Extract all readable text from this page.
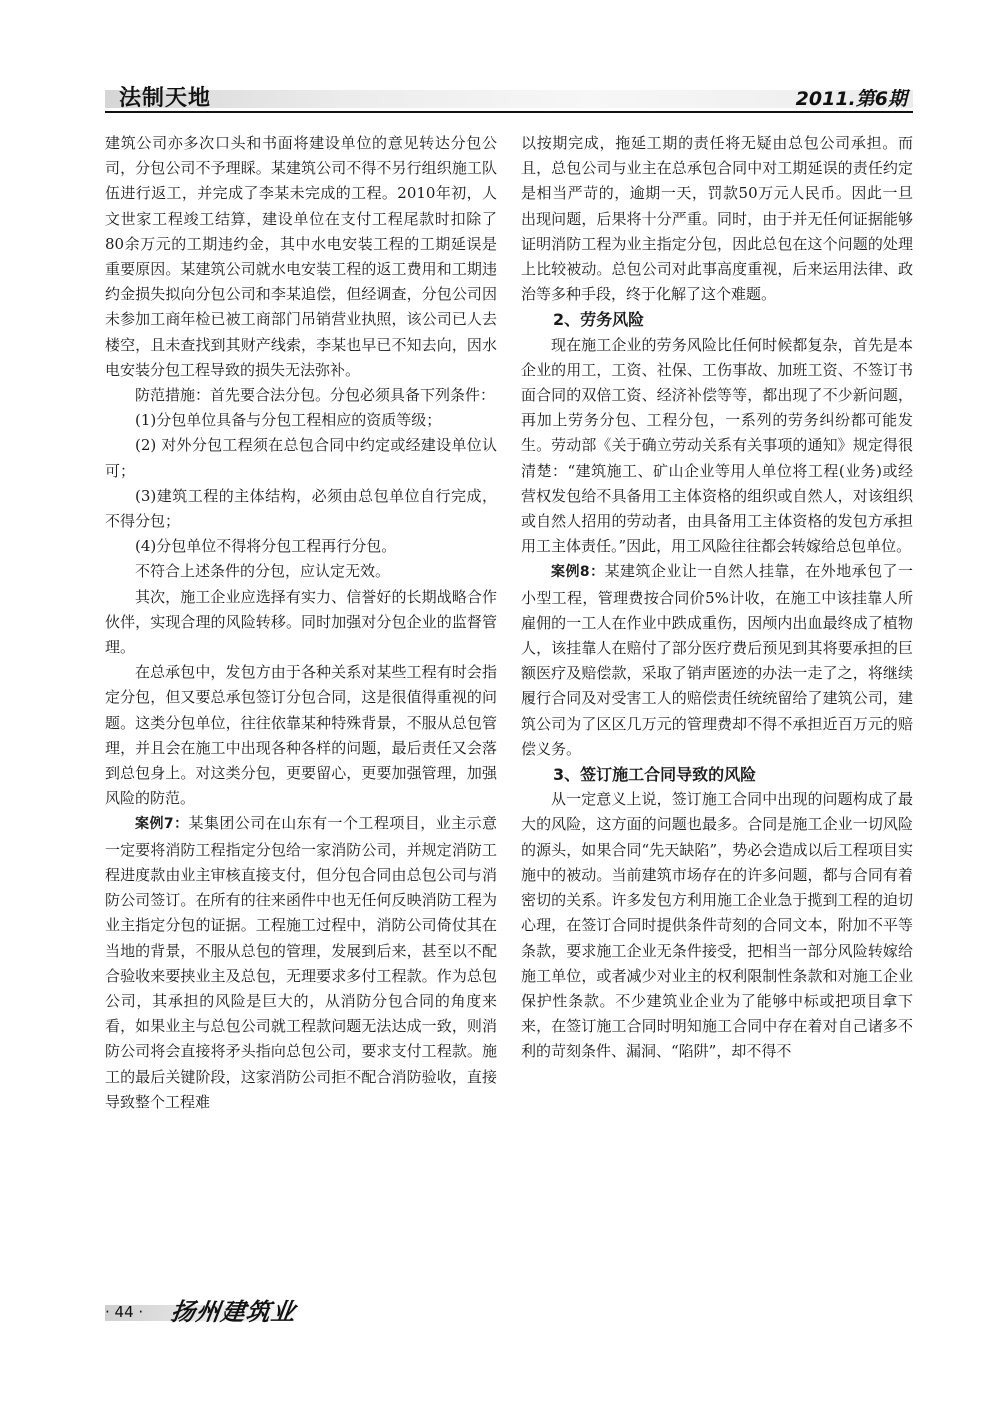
法制天地	2011.第6期

建筑公司亦多次口头和书面将建设单位的意见转达分包公司，分包公司不予理睬。某建筑公司不得不另行组织施工队伍进行返工，并完成了李某未完成的工程。2010年初，人文世家工程竣工结算，建设单位在支付工程尾款时扣除了80余万元的工期违约金，其中水电安装工程的工期延误是重要原因。某建筑公司就水电安装工程的返工费用和工期违约金损失拟向分包公司和李某追偿，但经调查，分包公司因未参加工商年检已被工商部门吊销营业执照，该公司已人去楼空，且未查找到其财产线索，李某也早已不知去向，因水电安装分包工程导致的损失无法弥补。

防范措施：首先要合法分包。分包必须具备下列条件：

(1)分包单位具备与分包工程相应的资质等级；

(2) 对外分包工程须在总包合同中约定或经建设单位认可；

(3)建筑工程的主体结构，必须由总包单位自行完成，不得分包；

(4)分包单位不得将分包工程再行分包。

不符合上述条件的分包，应认定无效。

其次，施工企业应选择有实力、信誉好的长期战略合作伙伴，实现合理的风险转移。同时加强对分包企业的监督管理。

在总承包中，发包方由于各种关系对某些工程有时会指定分包，但又要总承包签订分包合同，这是很值得重视的问题。这类分包单位，往往依靠某种特殊背景，不服从总包管理，并且会在施工中出现各种各样的问题，最后责任又会落到总包身上。对这类分包，更要留心，更要加强管理，加强风险的防范。

案例7：某集团公司在山东有一个工程项目，业主示意一定要将消防工程指定分包给一家消防公司，并规定消防工程进度款由业主审核直接支付，但分包合同由总包公司与消防公司签订。在所有的往来函件中也无任何反映消防工程为业主指定分包的证据。工程施工过程中，消防公司倚仗其在当地的背景，不服从总包的管理，发展到后来，甚至以不配合验收来要挟业主及总包，无理要求多付工程款。作为总包公司，其承担的风险是巨大的，从消防分包合同的角度来看，如果业主与总包公司就工程款问题无法达成一致，则消防公司将会直接将矛头指向总包公司，要求支付工程款。施工的最后关键阶段，这家消防公司拒不配合消防验收，直接导致整个工程难

以按期完成，拖延工期的责任将无疑由总包公司承担。而且，总包公司与业主在总承包合同中对工期延误的责任约定是相当严苛的，逾期一天，罚款50万元人民币。因此一旦出现问题，后果将十分严重。同时，由于并无任何证据能够证明消防工程为业主指定分包，因此总包在这个问题的处理上比较被动。总包公司对此事高度重视，后来运用法律、政治等多种手段，终于化解了这个难题。

2、劳务风险

现在施工企业的劳务风险比任何时候都复杂，首先是本企业的用工，工资、社保、工伤事故、加班工资、不签订书面合同的双倍工资、经济补偿等等，都出现了不少新问题，再加上劳务分包、工程分包，一系列的劳务纠纷都可能发生。劳动部《关于确立劳动关系有关事项的通知》规定得很清楚：“建筑施工、矿山企业等用人单位将工程(业务)或经营权发包给不具备用工主体资格的组织或自然人，对该组织或自然人招用的劳动者，由具备用工主体资格的发包方承担用工主体责任。”因此，用工风险往往都会转嫁给总包单位。

案例8：某建筑企业让一自然人挂靠，在外地承包了一小型工程，管理费按合同价5%计收，在施工中该挂靠人所雇佣的一工人在作业中跌成重伤，因颅内出血最终成了植物人，该挂靠人在赔付了部分医疗费后预见到其将要承担的巨额医疗及赔偿款，采取了销声匿迹的办法一走了之，将继续履行合同及对受害工人的赔偿责任统统留给了建筑公司，建筑公司为了区区几万元的管理费却不得不承担近百万元的赔偿义务。

3、签订施工合同导致的风险

从一定意义上说，签订施工合同中出现的问题构成了最大的风险，这方面的问题也最多。合同是施工企业一切风险的源头，如果合同“先天缺陷”，势必会造成以后工程项目实施中的被动。当前建筑市场存在的许多问题，都与合同有着密切的关系。许多发包方利用施工企业急于揽到工程的迫切心理，在签订合同时提供条件苛刻的合同文本，附加不平等条款，要求施工企业无条件接受，把相当一部分风险转嫁给施工单位，或者减少对业主的权利限制性条款和对施工企业保护性条款。不少建筑业企业为了能够中标或把项目拿下来，在签订施工合同时明知施工合同中存在着对自己诸多不利的苛刻条件、漏洞、“陷阱”，却不得不

· 44 · 扬州建筑业
